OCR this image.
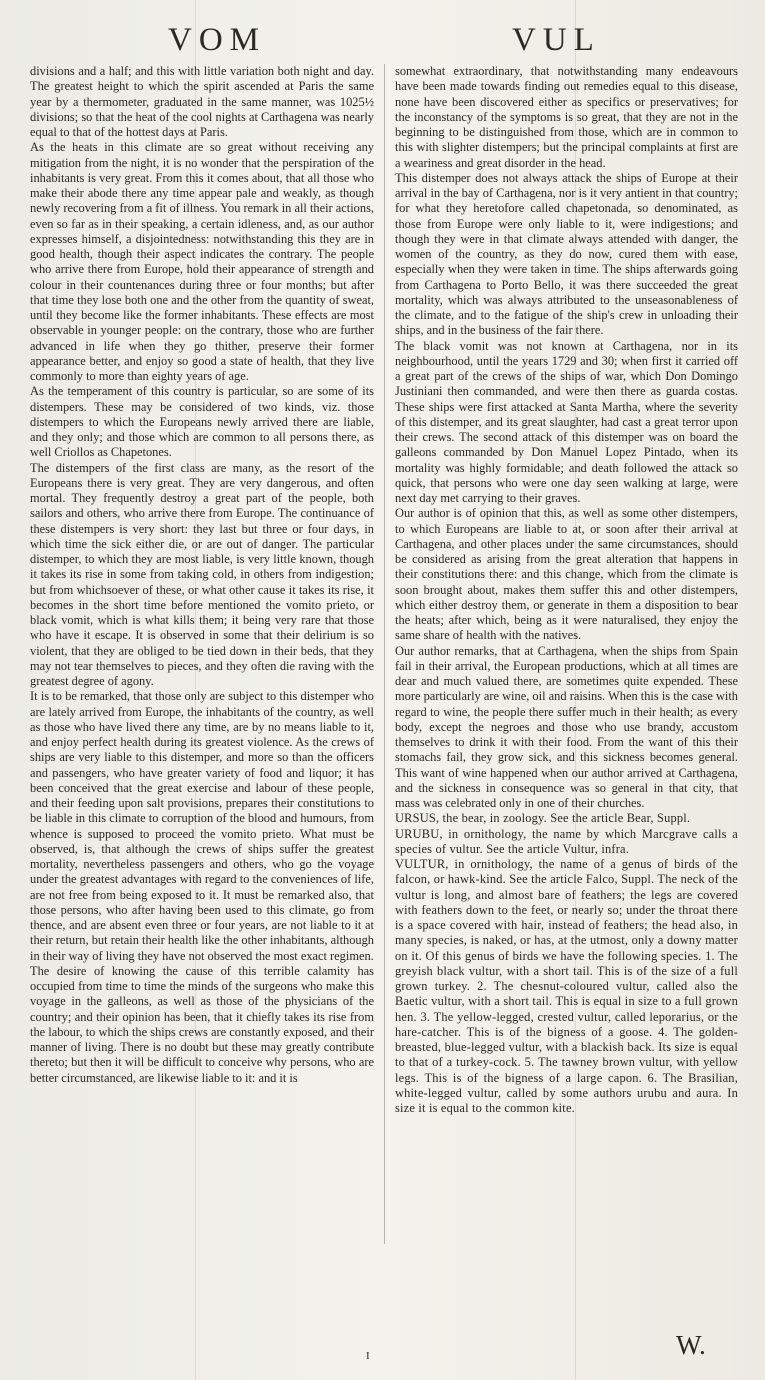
VOM	VUL

divisions and a half; and this with little variation both night and day. The greatest height to which the spirit ascended at Paris the same year by a thermometer, graduated in the same manner, was 1025½ divisions; so that the heat of the cool nights at Carthagena was nearly equal to that of the hottest days at Paris.

As the heats in this climate are so great without receiving any mitigation from the night, it is no wonder that the perspiration of the inhabitants is very great. From this it comes about, that all those who make their abode there any time appear pale and weakly, as though newly recovering from a fit of illness. You remark in all their actions, even so far as in their speaking, a certain idleness, and, as our author expresses himself, a disjointedness: notwithstanding this they are in good health, though their aspect indicates the contrary. The people who arrive there from Europe, hold their appearance of strength and colour in their countenances during three or four months; but after that time they lose both one and the other from the quantity of sweat, until they become like the former inhabitants. These effects are most observable in younger people: on the contrary, those who are further advanced in life when they go thither, preserve their former appearance better, and enjoy so good a state of health, that they live commonly to more than eighty years of age.

As the temperament of this country is particular, so are some of its distempers. These may be considered of two kinds, viz. those distempers to which the Europeans newly arrived there are liable, and they only; and those which are common to all persons there, as well Criollos as Chapetones.

The distempers of the first class are many, as the resort of the Europeans there is very great. They are very dangerous, and often mortal. They frequently destroy a great part of the people, both sailors and others, who arrive there from Europe. The continuance of these distempers is very short: they last but three or four days, in which time the sick either die, or are out of danger. The particular distemper, to which they are most liable, is very little known, though it takes its rise in some from taking cold, in others from indigestion; but from whichsoever of these, or what other cause it takes its rise, it becomes in the short time before mentioned the vomito prieto, or black vomit, which is what kills them; it being very rare that those who have it escape. It is observed in some that their delirium is so violent, that they are obliged to be tied down in their beds, that they may not tear themselves to pieces, and they often die raving with the greatest degree of agony.

It is to be remarked, that those only are subject to this distemper who are lately arrived from Europe, the inhabitants of the country, as well as those who have lived there any time, are by no means liable to it, and enjoy perfect health during its greatest violence. As the crews of ships are very liable to this distemper, and more so than the officers and passengers, who have greater variety of food and liquor; it has been conceived that the great exercise and labour of these people, and their feeding upon salt provisions, prepares their constitutions to be liable in this climate to corruption of the blood and humours, from whence is supposed to proceed the vomito prieto. What must be observed, is, that although the crews of ships suffer the greatest mortality, nevertheless passengers and others, who go the voyage under the greatest advantages with regard to the conveniences of life, are not free from being exposed to it. It must be remarked also, that those persons, who after having been used to this climate, go from thence, and are absent even three or four years, are not liable to it at their return, but retain their health like the other inhabitants, although in their way of living they have not observed the most exact regimen.

The desire of knowing the cause of this terrible calamity has occupied from time to time the minds of the surgeons who make this voyage in the galleons, as well as those of the physicians of the country; and their opinion has been, that it chiefly takes its rise from the labour, to which the ships crews are constantly exposed, and their manner of living. There is no doubt but these may greatly contribute thereto; but then it will be difficult to conceive why persons, who are better circumstanced, are likewise liable to it: and it is

somewhat extraordinary, that notwithstanding many endeavours have been made towards finding out remedies equal to this disease, none have been discovered either as specifics or preservatives; for the inconstancy of the symptoms is so great, that they are not in the beginning to be distinguished from those, which are in common to this with slighter distempers; but the principal complaints at first are a weariness and great disorder in the head.

This distemper does not always attack the ships of Europe at their arrival in the bay of Carthagena, nor is it very antient in that country; for what they heretofore called chapetonada, so denominated, as those from Europe were only liable to it, were indigestions; and though they were in that climate always attended with danger, the women of the country, as they do now, cured them with ease, especially when they were taken in time. The ships afterwards going from Carthagena to Porto Bello, it was there succeeded the great mortality, which was always attributed to the unseasonableness of the climate, and to the fatigue of the ship's crew in unloading their ships, and in the business of the fair there.

The black vomit was not known at Carthagena, nor in its neighbourhood, until the years 1729 and 30; when first it carried off a great part of the crews of the ships of war, which Don Domingo Justiniani then commanded, and were then there as guarda costas. These ships were first attacked at Santa Martha, where the severity of this distemper, and its great slaughter, had cast a great terror upon their crews. The second attack of this distemper was on board the galleons commanded by Don Manuel Lopez Pintado, when its mortality was highly formidable; and death followed the attack so quick, that persons who were one day seen walking at large, were next day met carrying to their graves.

Our author is of opinion that this, as well as some other distempers, to which Europeans are liable to at, or soon after their arrival at Carthagena, and other places under the same circumstances, should be considered as arising from the great alteration that happens in their constitutions there: and this change, which from the climate is soon brought about, makes them suffer this and other distempers, which either destroy them, or generate in them a disposition to bear the heats; after which, being as it were naturalised, they enjoy the same share of health with the natives.

Our author remarks, that at Carthagena, when the ships from Spain fail in their arrival, the European productions, which at all times are dear and much valued there, are sometimes quite expended. These more particularly are wine, oil and raisins. When this is the case with regard to wine, the people there suffer much in their health; as every body, except the negroes and those who use brandy, accustom themselves to drink it with their food. From the want of this their stomachs fail, they grow sick, and this sickness becomes general. This want of wine happened when our author arrived at Carthagena, and the sickness in consequence was so general in that city, that mass was celebrated only in one of their churches.

URSUS, the bear, in zoology. See the article Bear, Suppl.

URUBU, in ornithology, the name by which Marcgrave calls a species of vultur. See the article Vultur, infra.

VULTUR, in ornithology, the name of a genus of birds of the falcon, or hawk-kind. See the article Falco, Suppl. The neck of the vultur is long, and almost bare of feathers; the legs are covered with feathers down to the feet, or nearly so; under the throat there is a space covered with hair, instead of feathers; the head also, in many species, is naked, or has, at the utmost, only a downy matter on it. Of this genus of birds we have the following species. 1. The greyish black vultur, with a short tail. This is of the size of a full grown turkey. 2. The chesnut-coloured vultur, called also the Baetic vultur, with a short tail. This is equal in size to a full grown hen. 3. The yellow-legged, crested vultur, called leporarius, or the hare-catcher. This is of the bigness of a goose. 4. The golden-breasted, blue-legged vultur, with a blackish back. Its size is equal to that of a turkey-cock. 5. The tawney brown vultur, with yellow legs. This is of the bigness of a large capon. 6. The Brasilian, white-legged vultur, called by some authors urubu and aura. In size it is equal to the common kite.

I	W.
